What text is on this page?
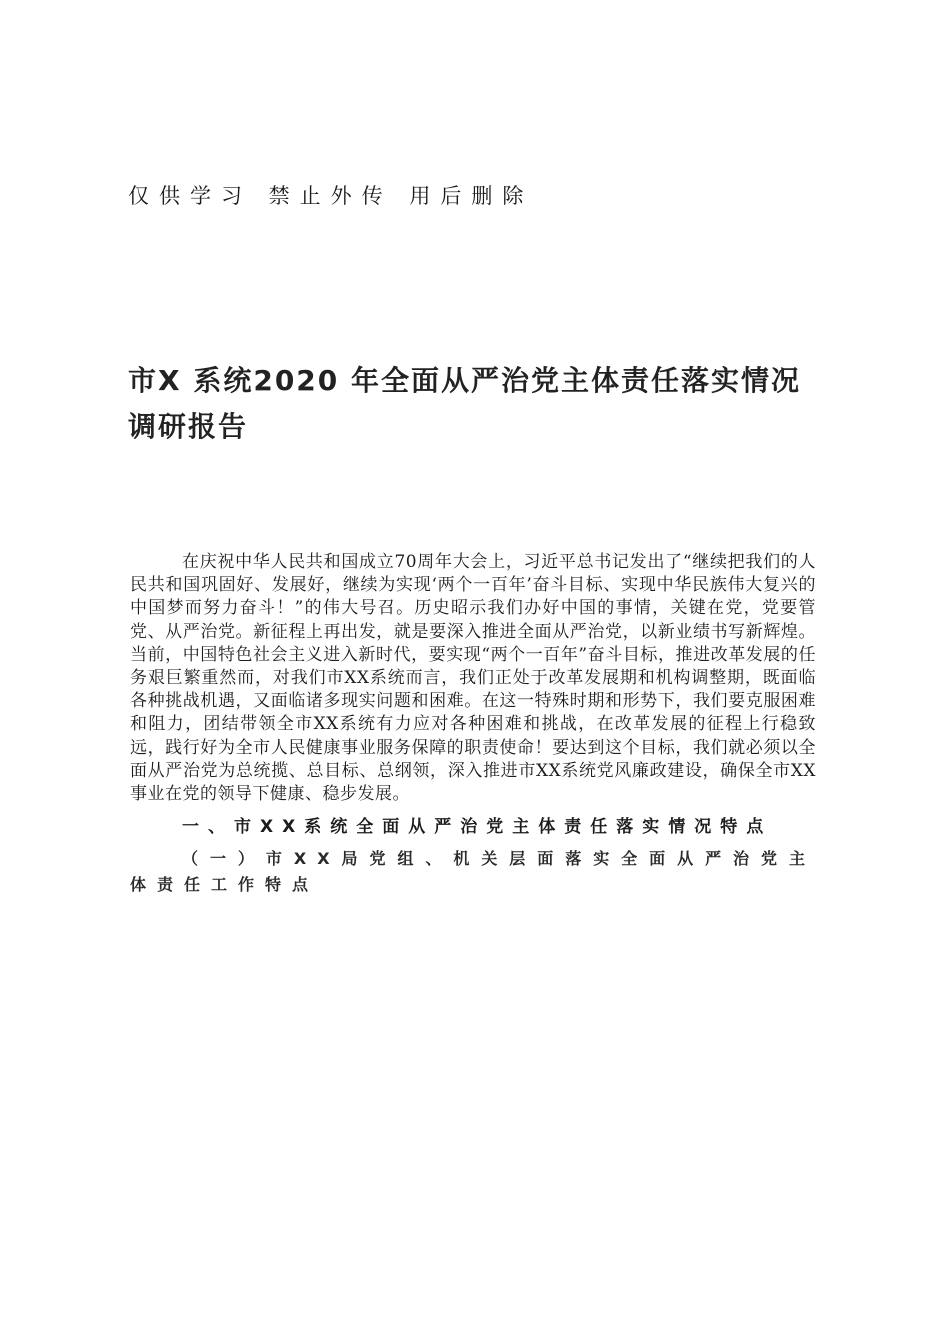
仅供学习 禁止外传 用后删除
市X 系统2020 年全面从严治党主体责任落实情况调研报告

在庆祝中华人民共和国成立70周年大会上，习近平总书记发出了“继续把我们的人民共和国巩固好、发展好，继续为实现‘两个一百年’奋斗目标、实现中华民族伟大复兴的中国梦而努力奋斗！”的伟大号召。历史昭示我们办好中国的事情，关键在党，党要管党、从严治党。新征程上再出发，就是要深入推进全面从严治党，以新业绩书写新辉煌。当前，中国特色社会主义进入新时代，要实现“两个一百年”奋斗目标，推进改革发展的任务艰巨繁重然而，对我们市XX系统而言，我们正处于改革发展期和机构调整期，既面临各种挑战机遇，又面临诸多现实问题和困难。在这一特殊时期和形势下，我们要克服困难和阻力，团结带领全市XX系统有力应对各种困难和挑战，在改革发展的征程上行稳致远，践行好为全市人民健康事业服务保障的职责使命！要达到这个目标，我们就必须以全面从严治党为总统揽、总目标、总纲领，深入推进市XX系统党风廉政建设，确保全市XX事业在党的领导下健康、稳步发展。

一、市XX系统全面从严治党主体责任落实情况特点
（一）市XX局党组、机关层面落实全面从严治党主体责任工作特点
